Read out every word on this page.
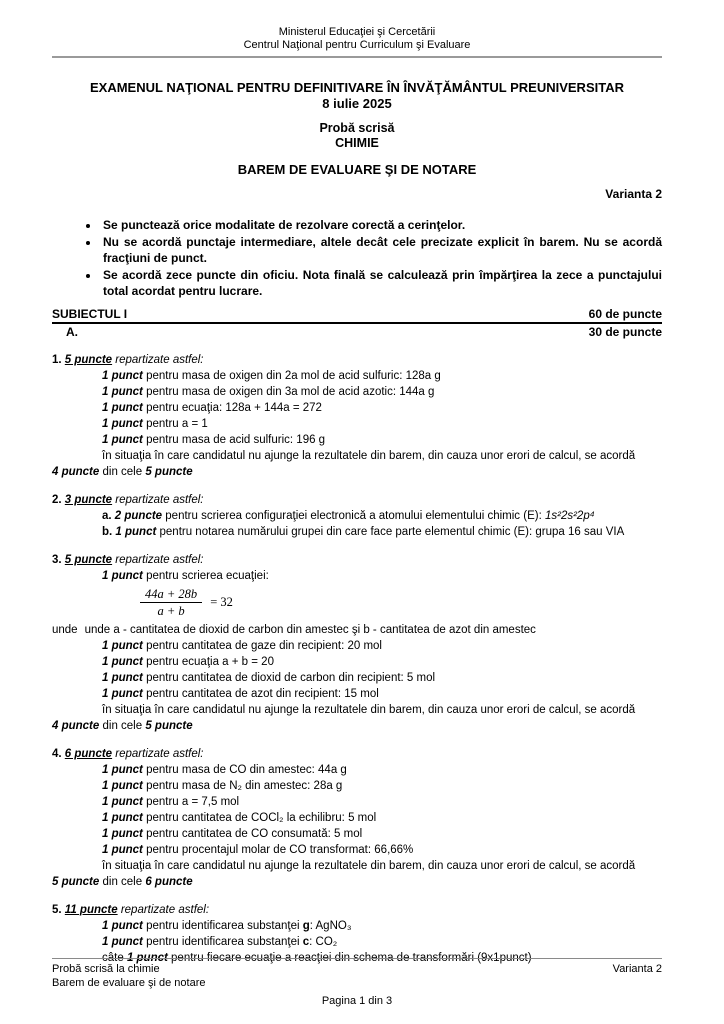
Ministerul Educaţiei şi Cercetării
Centrul Naţional pentru Curriculum şi Evaluare
EXAMENUL NAŢIONAL PENTRU DEFINITIVARE ÎN ÎNVĂŢĂMÂNTUL PREUNIVERSITAR
8 iulie 2025
Probă scrisă
CHIMIE
BAREM DE EVALUARE ŞI DE NOTARE
Varianta 2
• Se punctează orice modalitate de rezolvare corectă a cerinţelor.
• Nu se acordă punctaje intermediare, altele decât cele precizate explicit în barem. Nu se acordă fracţiuni de punct.
• Se acordă zece puncte din oficiu. Nota finală se calculează prin împărţirea la zece a punctajului total acordat pentru lucrare.
SUBIECTUL I	60 de puncte
A.	30 de puncte
1. 5 puncte repartizate astfel:
1 punct pentru masa de oxigen din 2a mol de acid sulfuric: 128a g
1 punct pentru masa de oxigen din 3a mol de acid azotic: 144a g
1 punct pentru ecuaţia: 128a + 144a = 272
1 punct pentru a = 1
1 punct pentru masa de acid sulfuric: 196 g
în situaţia în care candidatul nu ajunge la rezultatele din barem, din cauza unor erori de calcul, se acordă
4 puncte din cele 5 puncte
2. 3 puncte repartizate astfel:
a. 2 puncte pentru scrierea configuraţiei electronică a atomului elementului chimic (E): 1s²2s²2p⁴
b. 1 punct pentru notarea numărului grupei din care face parte elementul chimic (E): grupa 16 sau VIA
3. 5 puncte repartizate astfel:
1 punct pentru scrierea ecuaţiei:
$\frac{44a + 28b}{a + b} = 32$
unde unde a - cantitatea de dioxid de carbon din amestec şi b - cantitatea de azot din amestec
1 punct pentru cantitatea de gaze din recipient: 20 mol
1 punct pentru ecuaţia a + b = 20
1 punct pentru cantitatea de dioxid de carbon din recipient: 5 mol
1 punct pentru cantitatea de azot din recipient: 15 mol
în situaţia în care candidatul nu ajunge la rezultatele din barem, din cauza unor erori de calcul, se acordă
4 puncte din cele 5 puncte
4. 6 puncte repartizate astfel:
1 punct pentru masa de CO din amestec: 44a g
1 punct pentru masa de N₂ din amestec: 28a g
1 punct pentru a = 7,5 mol
1 punct pentru cantitatea de COCl₂ la echilibru: 5 mol
1 punct pentru cantitatea de CO consumată: 5 mol
1 punct pentru procentajul molar de CO transformat: 66,66%
în situaţia în care candidatul nu ajunge la rezultatele din barem, din cauza unor erori de calcul, se acordă
5 puncte din cele 6 puncte
5. 11 puncte repartizate astfel:
1 punct pentru identificarea substanţei g: AgNO₃
1 punct pentru identificarea substanţei c: CO₂
câte 1 punct pentru fiecare ecuaţie a reacţiei din schema de transformări (9x1punct)
Probă scrisă la chimie	Varianta 2
Barem de evaluare şi de notare
Pagina 1 din 3
